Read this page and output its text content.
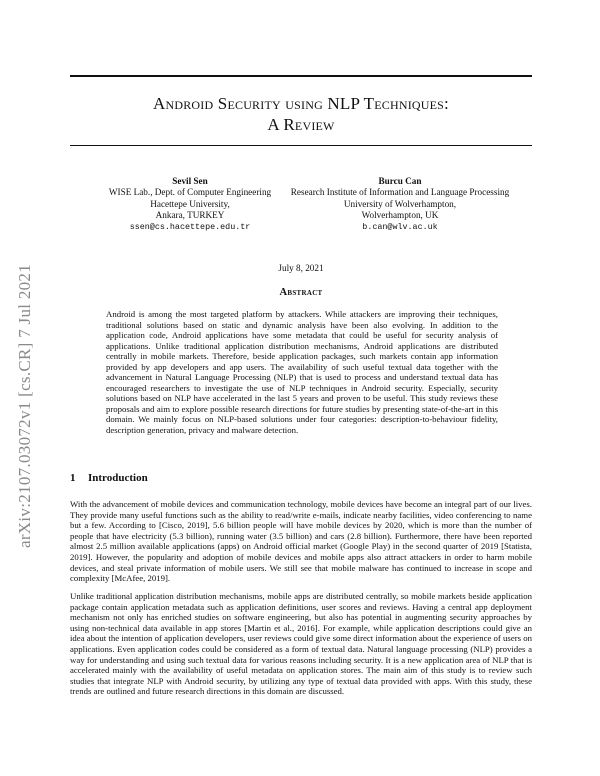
arXiv:2107.03072v1 [cs.CR] 7 Jul 2021
Android Security using NLP Techniques:
A Review
Sevil Sen
WISE Lab., Dept. of Computer Engineering
Hacettepe University,
Ankara, TURKEY
ssen@cs.hacettepe.edu.tr
Burcu Can
Research Institute of Information and Language Processing
University of Wolverhampton,
Wolverhampton, UK
b.can@wlv.ac.uk
July 8, 2021
Abstract

Android is among the most targeted platform by attackers. While attackers are improving their techniques, traditional solutions based on static and dynamic analysis have been also evolving. In addition to the application code, Android applications have some metadata that could be useful for security analysis of applications. Unlike traditional application distribution mechanisms, Android applications are distributed centrally in mobile markets. Therefore, beside application packages, such markets contain app information provided by app developers and app users. The availability of such useful textual data together with the advancement in Natural Language Processing (NLP) that is used to process and understand textual data has encouraged researchers to investigate the use of NLP techniques in Android security. Especially, security solutions based on NLP have accelerated in the last 5 years and proven to be useful. This study reviews these proposals and aim to explore possible research directions for future studies by presenting state-of-the-art in this domain. We mainly focus on NLP-based solutions under four categories: description-to-behaviour fidelity, description generation, privacy and malware detection.

1 Introduction

With the advancement of mobile devices and communication technology, mobile devices have become an integral part of our lives. They provide many useful functions such as the ability to read/write e-mails, indicate nearby facilities, video conferencing to name but a few. According to [Cisco, 2019], 5.6 billion people will have mobile devices by 2020, which is more than the number of people that have electricity (5.3 billion), running water (3.5 billion) and cars (2.8 billion). Furthermore, there have been reported almost 2.5 million available applications (apps) on Android official market (Google Play) in the second quarter of 2019 [Statista, 2019]. However, the popularity and adoption of mobile devices and mobile apps also attract attackers in order to harm mobile devices, and steal private information of mobile users. We still see that mobile malware has continued to increase in scope and complexity [McAfee, 2019].

Unlike traditional application distribution mechanisms, mobile apps are distributed centrally, so mobile markets beside application package contain application metadata such as application definitions, user scores and reviews. Having a central app deployment mechanism not only has enriched studies on software engineering, but also has potential in augmenting security approaches by using non-technical data available in app stores [Martin et al., 2016]. For example, while application descriptions could give an idea about the intention of application developers, user reviews could give some direct information about the experience of users on applications. Even application codes could be considered as a form of textual data. Natural language processing (NLP) provides a way for understanding and using such textual data for various reasons including security. It is a new application area of NLP that is accelerated mainly with the availability of useful metadata on application stores. The main aim of this study is to review such studies that integrate NLP with Android security, by utilizing any type of textual data provided with apps. With this study, these trends are outlined and future research directions in this domain are discussed.
